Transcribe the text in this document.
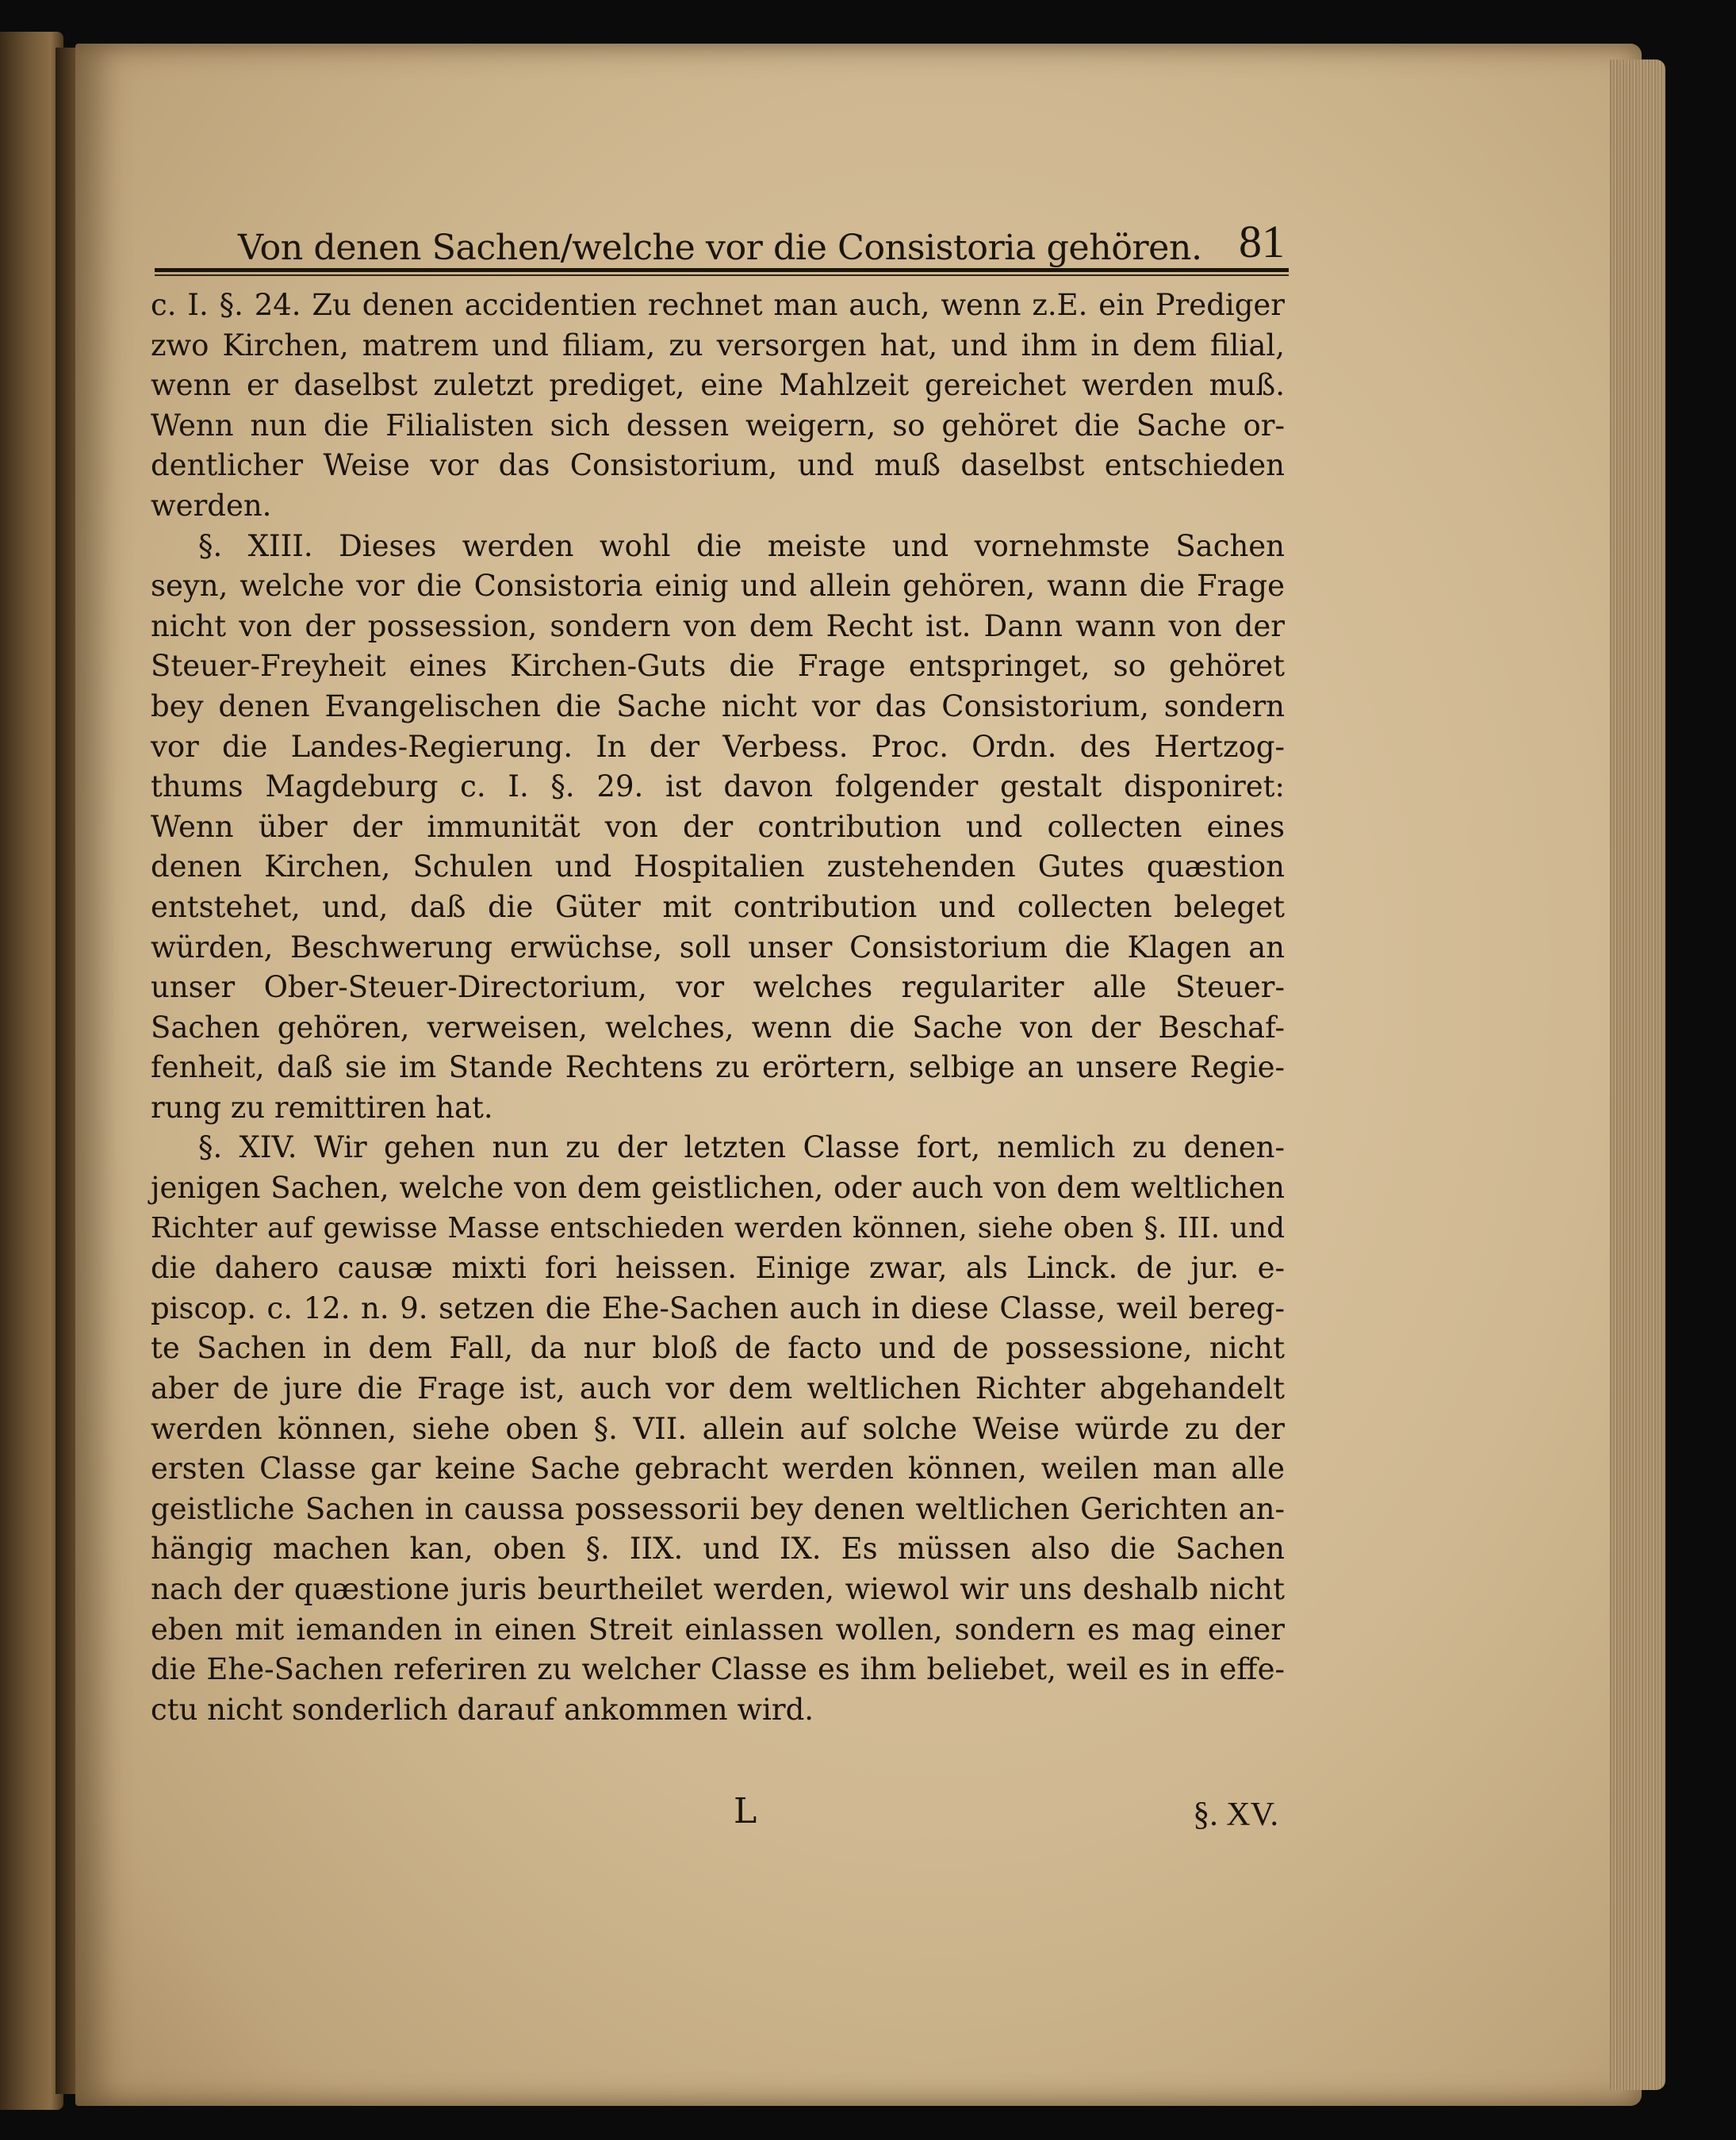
Von denen Sachen/welche vor die Consistoria gehören. 81
c. I. §. 24. Zu denen accidentien rechnet man auch, wenn z.E. ein Prediger
zwo Kirchen, matrem und filiam, zu versorgen hat, und ihm in dem filial,
wenn er daselbst zuletzt prediget, eine Mahlzeit gereichet werden muß.
Wenn nun die Filialisten sich dessen weigern, so gehöret die Sache or-
dentlicher Weise vor das Consistorium, und muß daselbst entschieden
werden.
§. XIII. Dieses werden wohl die meiste und vornehmste Sachen
seyn, welche vor die Consistoria einig und allein gehören, wann die Frage
nicht von der possession, sondern von dem Recht ist. Dann wann von der
Steuer-Freyheit eines Kirchen-Guts die Frage entspringet, so gehöret
bey denen Evangelischen die Sache nicht vor das Consistorium, sondern
vor die Landes-Regierung. In der Verbess. Proc. Ordn. des Hertzog-
thums Magdeburg c. I. §. 29. ist davon folgender gestalt disponiret:
Wenn über der immunität von der contribution und collecten eines
denen Kirchen, Schulen und Hospitalien zustehenden Gutes quæstion
entstehet, und, daß die Güter mit contribution und collecten beleget
würden, Beschwerung erwüchse, soll unser Consistorium die Klagen an
unser Ober-Steuer-Directorium, vor welches regulariter alle Steuer-
Sachen gehören, verweisen, welches, wenn die Sache von der Beschaf-
fenheit, daß sie im Stande Rechtens zu erörtern, selbige an unsere Regie-
rung zu remittiren hat.
§. XIV. Wir gehen nun zu der letzten Classe fort, nemlich zu denen-
jenigen Sachen, welche von dem geistlichen, oder auch von dem weltlichen
Richter auf gewisse Masse entschieden werden können, siehe oben §. III. und
die dahero causæ mixti fori heissen. Einige zwar, als Linck. de jur. e-
piscop. c. 12. n. 9. setzen die Ehe-Sachen auch in diese Classe, weil bereg-
te Sachen in dem Fall, da nur bloß de facto und de possessione, nicht
aber de jure die Frage ist, auch vor dem weltlichen Richter abgehandelt
werden können, siehe oben §. VII. allein auf solche Weise würde zu der
ersten Classe gar keine Sache gebracht werden können, weilen man alle
geistliche Sachen in caussa possessorii bey denen weltlichen Gerichten an-
hängig machen kan, oben §. IIX. und IX. Es müssen also die Sachen
nach der quæstione juris beurtheilet werden, wiewol wir uns deshalb nicht
eben mit iemanden in einen Streit einlassen wollen, sondern es mag einer
die Ehe-Sachen referiren zu welcher Classe es ihm beliebet, weil es in effe-
ctu nicht sonderlich darauf ankommen wird.
L	§. XV.
